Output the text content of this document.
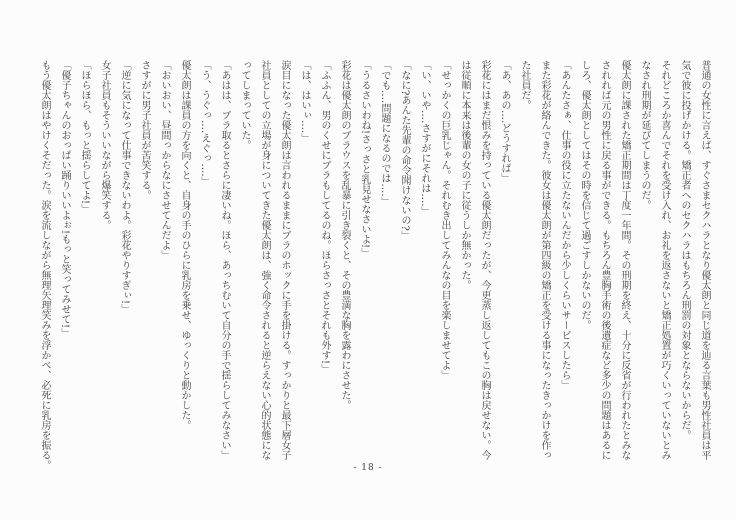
普通の女性に言えば、すぐさまセクハラとなり優太朗と同じ道を辿る言葉も男性社員は平
気で彼に投げかける。矯正者へのセクハラはもちろん刑罰の対象とならないからだ。
それどころか喜んでそれを受け入れ、お礼を返さないと矯正処置が巧くいっていないとみ
なされ刑期が延びてしまうのだ。
優太朗に課された矯正期間は丁度一年間。その刑期を終え、十分に反省が行われたとみな
されれば元の男性に戻る事ができる。もちろん豊胸手術の後遺症など多少の問題はあるに
しろ、優太朗としてはその時を信じて過ごすしかないのだ。
「あんたさぁ、仕事の役に立たないんだから少しくらいサービスしたら」
また彩花が絡んできた。彼女は優太朗が第四級の矯正を受ける事になったきっかけを作っ
た社員だ。
「あ、あの‥‥どうすれば」
彩花にはまだ恨みを持っている優太朗だったが、今更蒸し返してもこの胸は戻せない。今
は従順に本来は後輩の女の子に従うしか無かった。
「せっかくの巨乳じゃん。それむき出してみんなの目を楽しませてよ」
「い、いや‥‥さすがにそれは‥‥」
「なに?あんた先輩の命令聞けないの?」
「でも‥‥問題になるのでは‥‥」
「うるさいわね!さっさと乳見せなさいよ!」
彩花は優太朗のブラウスを乱暴に引き裂くと、その豊満な胸を露わにさせた。
「ふふん、男のくせにブラもしてるのね。ほらさっさとそれも外す!」
「は、はいぃ‥‥」
涙目になった優太朗は言われるままにブラのホックに手を掛ける。すっかりと最下層女子
社員としての立場が身についてきた優太朗は、強く命令されると逆らえない心的状態にな
ってしまっていた。
「あはは、ブラ取るとさらに凄いね。ほら、あっちむいて自分の手で揺らしてみなさい」
「う、うぐっ‥‥えぐっ‥‥」
優太朗は課員の方を向くと、自身の手のひらに乳房を乗せ、ゆっくりと動かした。
「おいおい、昼間っからなにさせてんだよ」
さすがに男子社員が苦笑する。
「逆に気になって仕事できないわよ。彩花やりすぎぃ!」
女子社員もそういいながら爆笑する。
「ほらほら、もっと揺らしてよ!」
「優子ちゃんのおっぱい踊りいいよぉ!もっと笑ってみせて!」
もう優太朗はやけくそだった。涙を流しながら無理矢理笑みを浮かべ、必死に乳房を振る。	- 18 -
